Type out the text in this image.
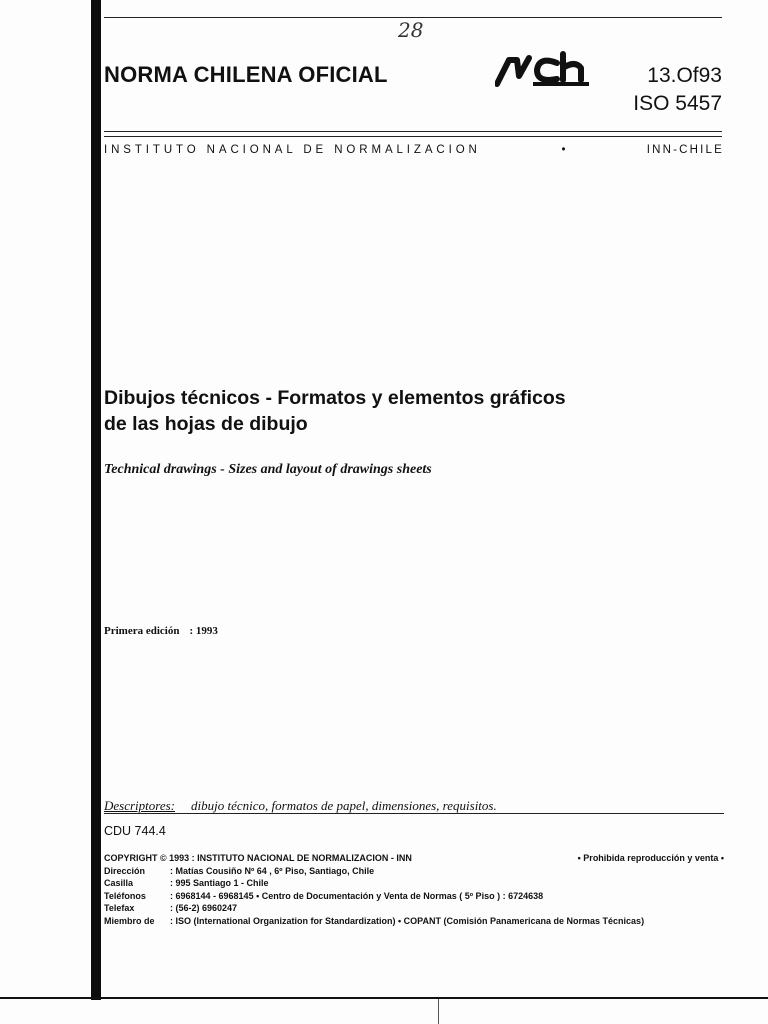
28
NORMA CHILENA OFICIAL	13.Of93
ISO 5457
INSTITUTO NACIONAL DE NORMALIZACION	•	INN-CHILE
Dibujos técnicos - Formatos y elementos gráficos
de las hojas de dibujo
Technical drawings - Sizes and layout of drawings sheets
Primera edición : 1993
Descriptores: dibujo técnico, formatos de papel, dimensiones, requisitos.
CDU 744.4
COPYRIGHT © 1993 : INSTITUTO NACIONAL DE NORMALIZACION - INN	• Prohibida reproducción y venta •
Dirección	: Matías Cousiño Nº 64 , 6º Piso, Santiago, Chile
Casilla	: 995 Santiago 1 - Chile
Teléfonos	: 6968144 - 6968145 • Centro de Documentación y Venta de Normas ( 5º Piso ) : 6724638
Telefax	: (56-2) 6960247
Miembro de	: ISO (International Organization for Standardization) • COPANT (Comisión Panamericana de Normas Técnicas)
